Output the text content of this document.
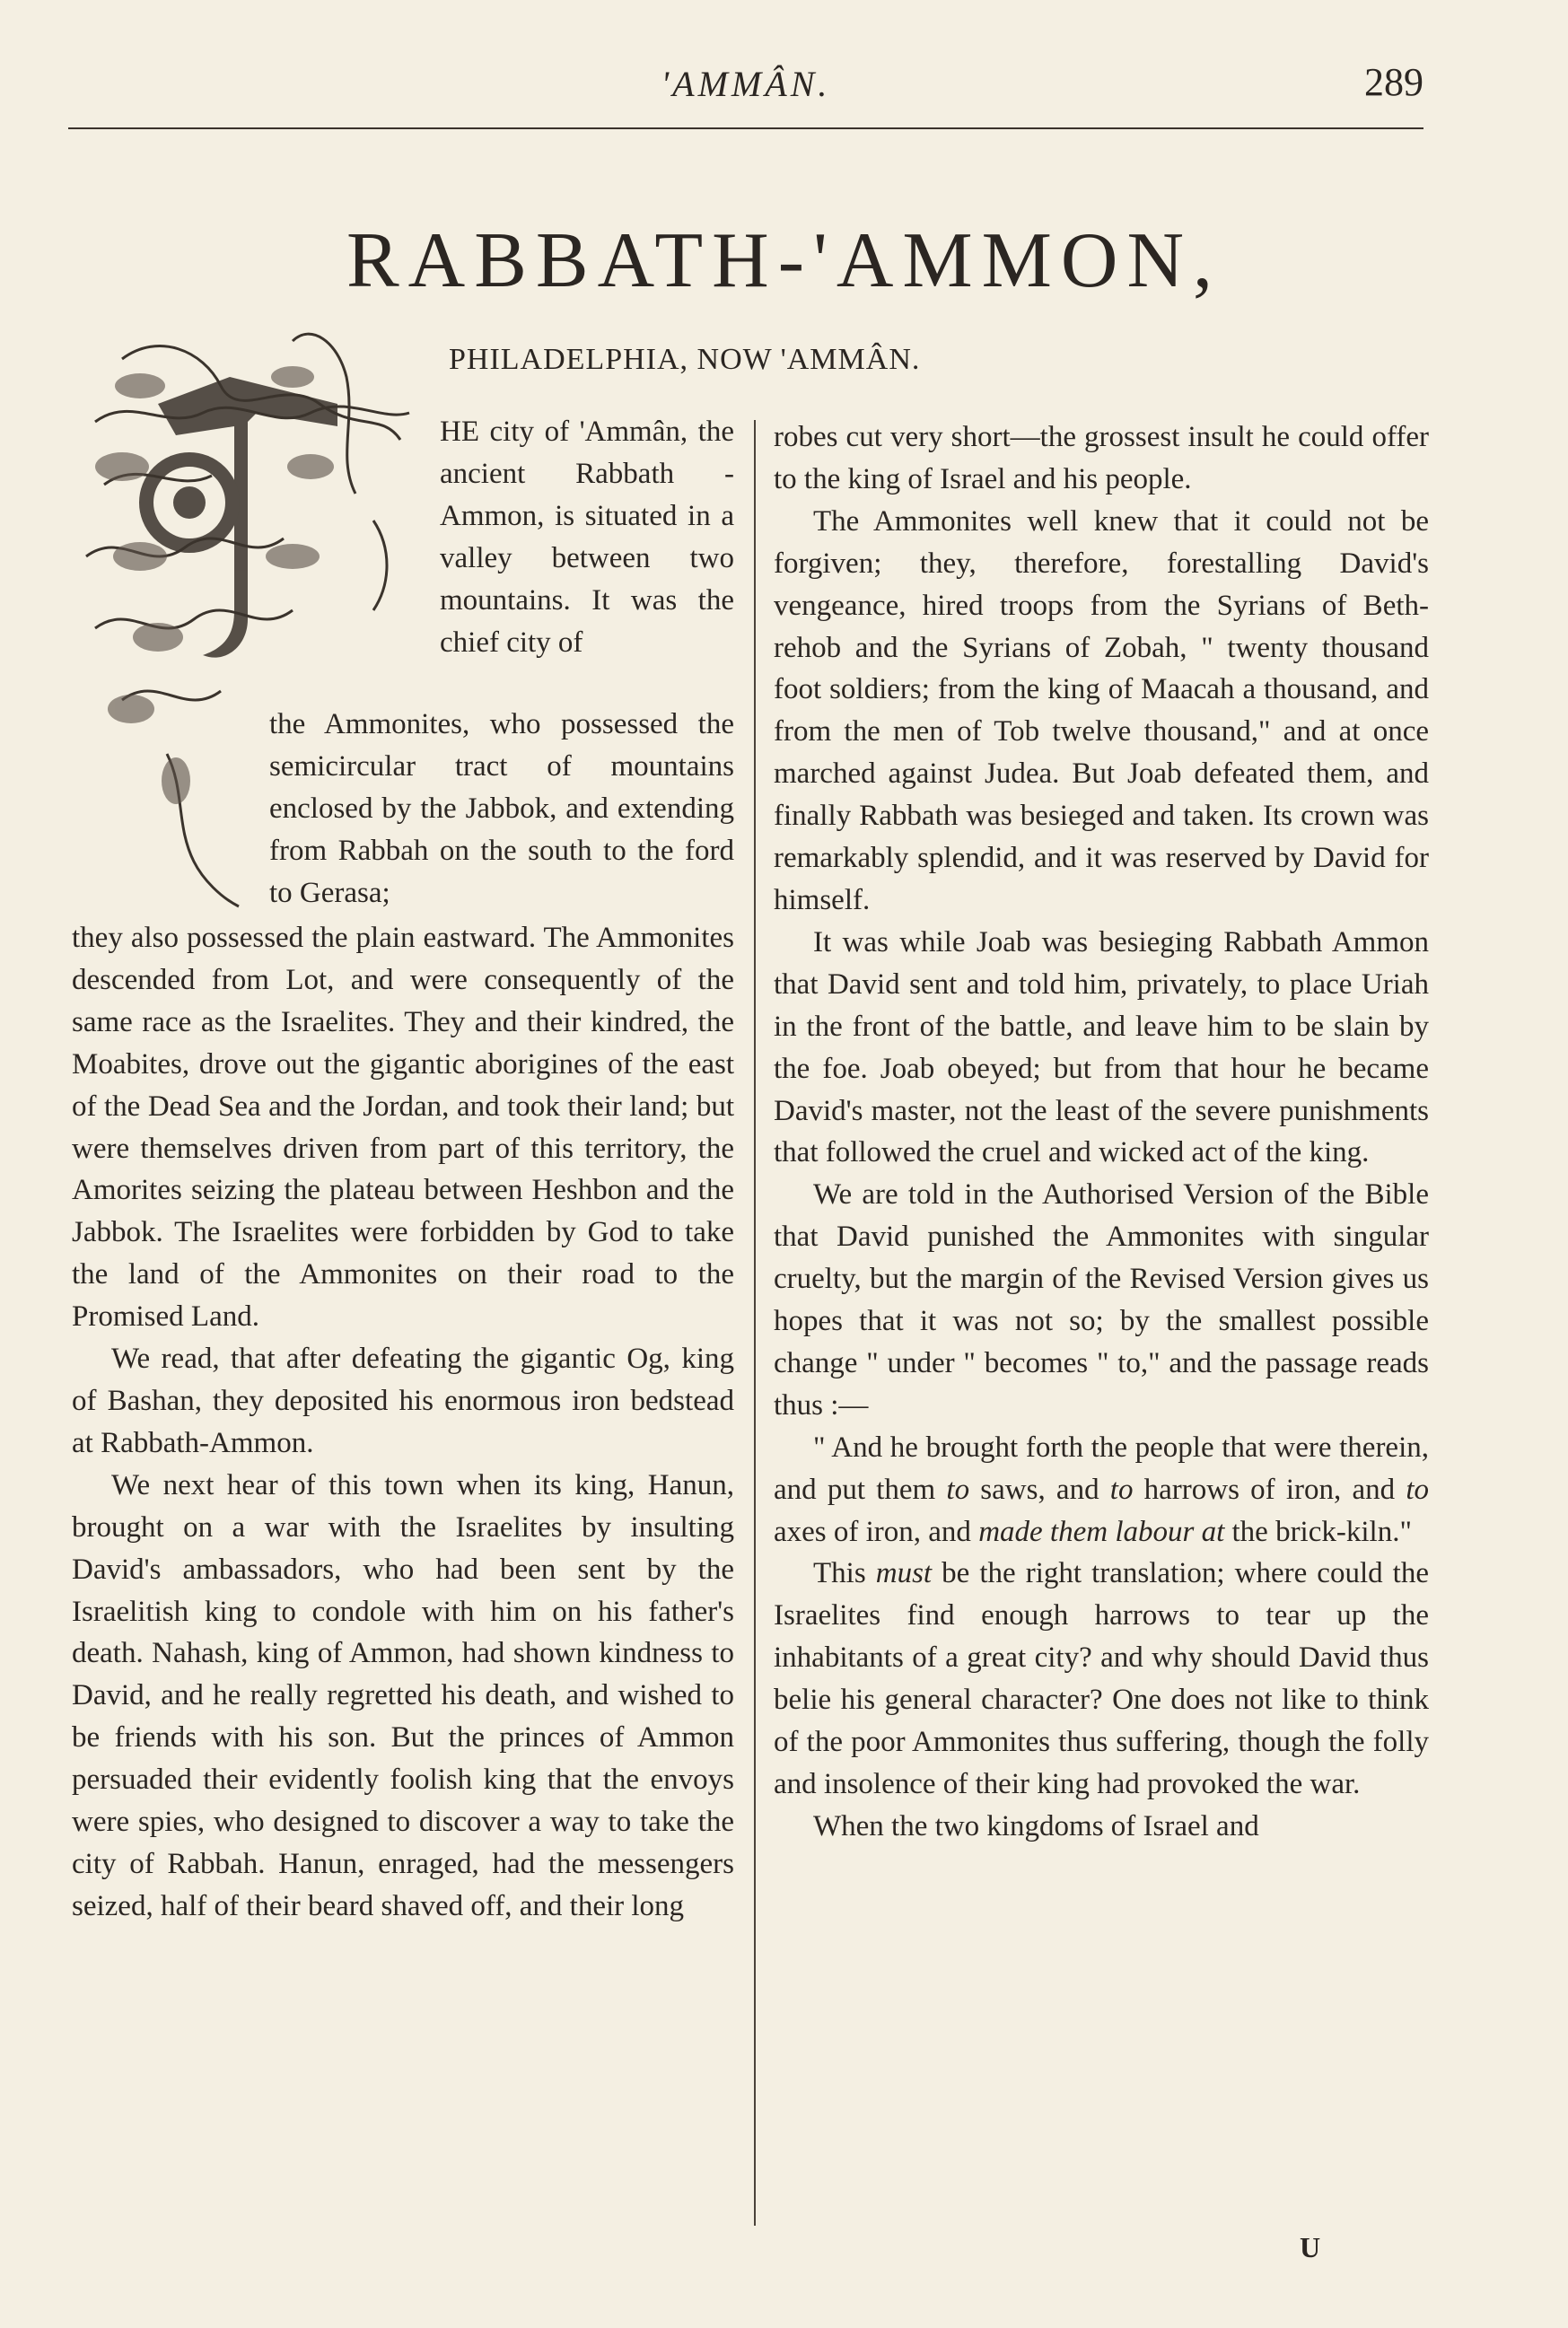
'AMMÂN.	289
RABBATH-'AMMON,
PHILADELPHIA, NOW 'AMMÂN.

HE city of 'Ammân, the ancient Rabbath -Ammon, is situated in a valley between two mountains. It was the chief city of

the Ammonites, who possessed the semicircular tract of mountains enclosed by the Jabbok, and extending from Rabbah on the south to the ford to Gerasa;

they also possessed the plain eastward. The Ammonites descended from Lot, and were consequently of the same race as the Israelites. They and their kindred, the Moabites, drove out the gigantic aborigines of the east of the Dead Sea and the Jordan, and took their land; but were themselves driven from part of this territory, the Amorites seizing the plateau between Heshbon and the Jabbok. The Israelites were forbidden by God to take the land of the Ammonites on their road to the Promised Land.

We read, that after defeating the gigantic Og, king of Bashan, they deposited his enormous iron bedstead at Rabbath-Ammon.

We next hear of this town when its king, Hanun, brought on a war with the Israelites by insulting David's ambassadors, who had been sent by the Israelitish king to condole with him on his father's death. Nahash, king of Ammon, had shown kindness to David, and he really regretted his death, and wished to be friends with his son. But the princes of Ammon persuaded their evidently foolish king that the envoys were spies, who designed to discover a way to take the city of Rabbah. Hanun, enraged, had the messengers seized, half of their beard shaved off, and their long

robes cut very short—the grossest insult he could offer to the king of Israel and his people.

The Ammonites well knew that it could not be forgiven; they, therefore, forestalling David's vengeance, hired troops from the Syrians of Beth-rehob and the Syrians of Zobah, " twenty thousand foot soldiers; from the king of Maacah a thousand, and from the men of Tob twelve thousand," and at once marched against Judea. But Joab defeated them, and finally Rabbath was besieged and taken. Its crown was remarkably splendid, and it was reserved by David for himself.

It was while Joab was besieging Rabbath Ammon that David sent and told him, privately, to place Uriah in the front of the battle, and leave him to be slain by the foe. Joab obeyed; but from that hour he became David's master, not the least of the severe punishments that followed the cruel and wicked act of the king.

We are told in the Authorised Version of the Bible that David punished the Ammonites with singular cruelty, but the margin of the Revised Version gives us hopes that it was not so; by the smallest possible change " under " becomes " to," and the passage reads thus :—

" And he brought forth the people that were therein, and put them to saws, and to harrows of iron, and to axes of iron, and made them labour at the brick-kiln."

This must be the right translation; where could the Israelites find enough harrows to tear up the inhabitants of a great city? and why should David thus belie his general character? One does not like to think of the poor Ammonites thus suffering, though the folly and insolence of their king had provoked the war.

When the two kingdoms of Israel and

U
